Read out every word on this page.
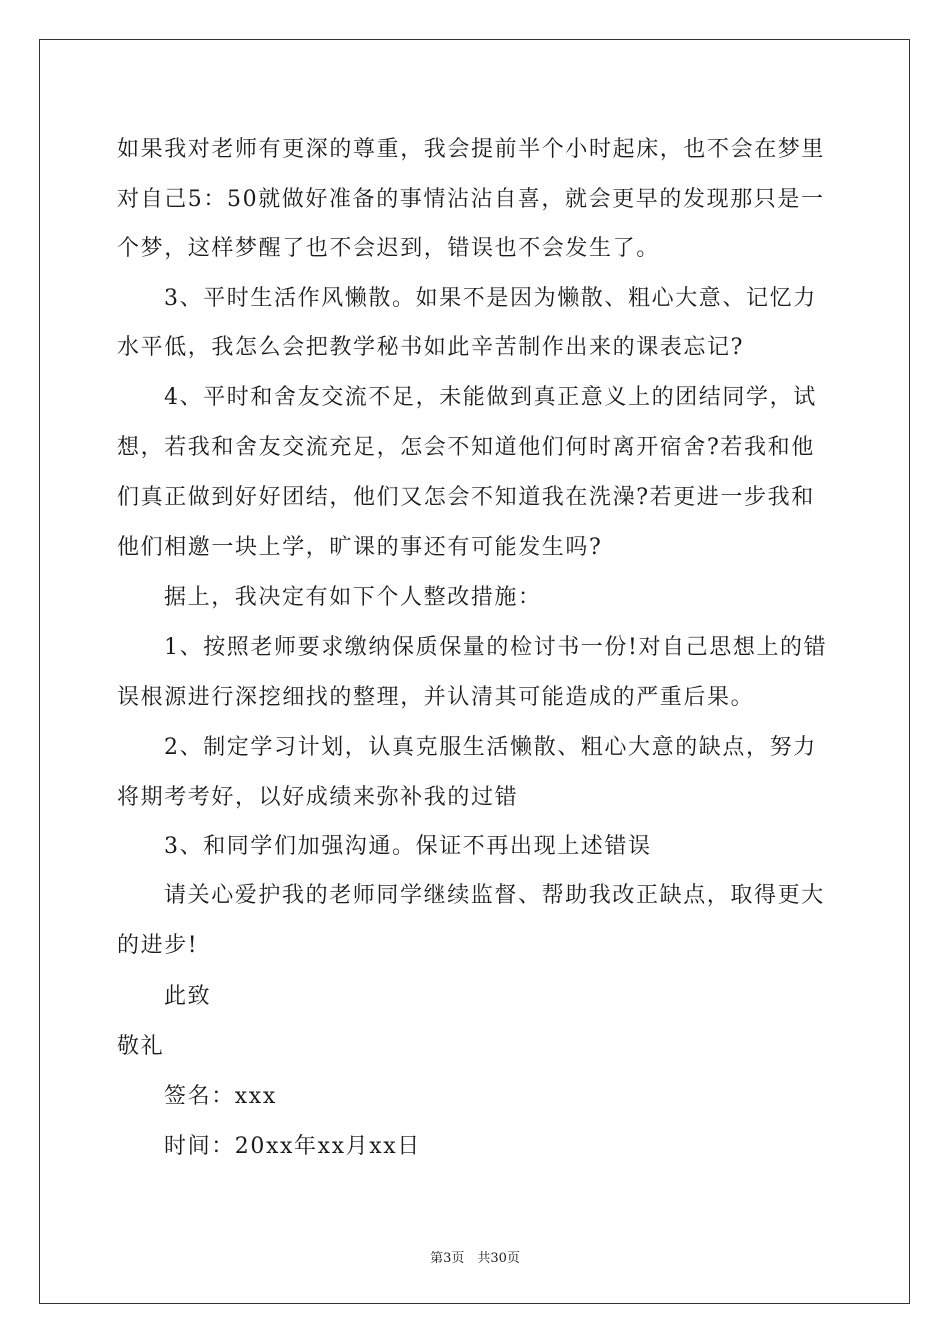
如果我对老师有更深的尊重，我会提前半个小时起床，也不会在梦里
对自己5：50就做好准备的事情沾沾自喜，就会更早的发现那只是一
个梦，这样梦醒了也不会迟到，错误也不会发生了。
3、平时生活作风懒散。如果不是因为懒散、粗心大意、记忆力
水平低，我怎么会把教学秘书如此辛苦制作出来的课表忘记?
4、平时和舍友交流不足，未能做到真正意义上的团结同学，试
想，若我和舍友交流充足，怎会不知道他们何时离开宿舍?若我和他
们真正做到好好团结，他们又怎会不知道我在洗澡?若更进一步我和
他们相邀一块上学，旷课的事还有可能发生吗?
据上，我决定有如下个人整改措施：
1、按照老师要求缴纳保质保量的检讨书一份!对自己思想上的错
误根源进行深挖细找的整理，并认清其可能造成的严重后果。
2、制定学习计划，认真克服生活懒散、粗心大意的缺点，努力
将期考考好，以好成绩来弥补我的过错
3、和同学们加强沟通。保证不再出现上述错误
请关心爱护我的老师同学继续监督、帮助我改正缺点，取得更大
的进步!
此致
敬礼
签名：xxx
时间：20xx年xx月xx日
第3页　共30页
